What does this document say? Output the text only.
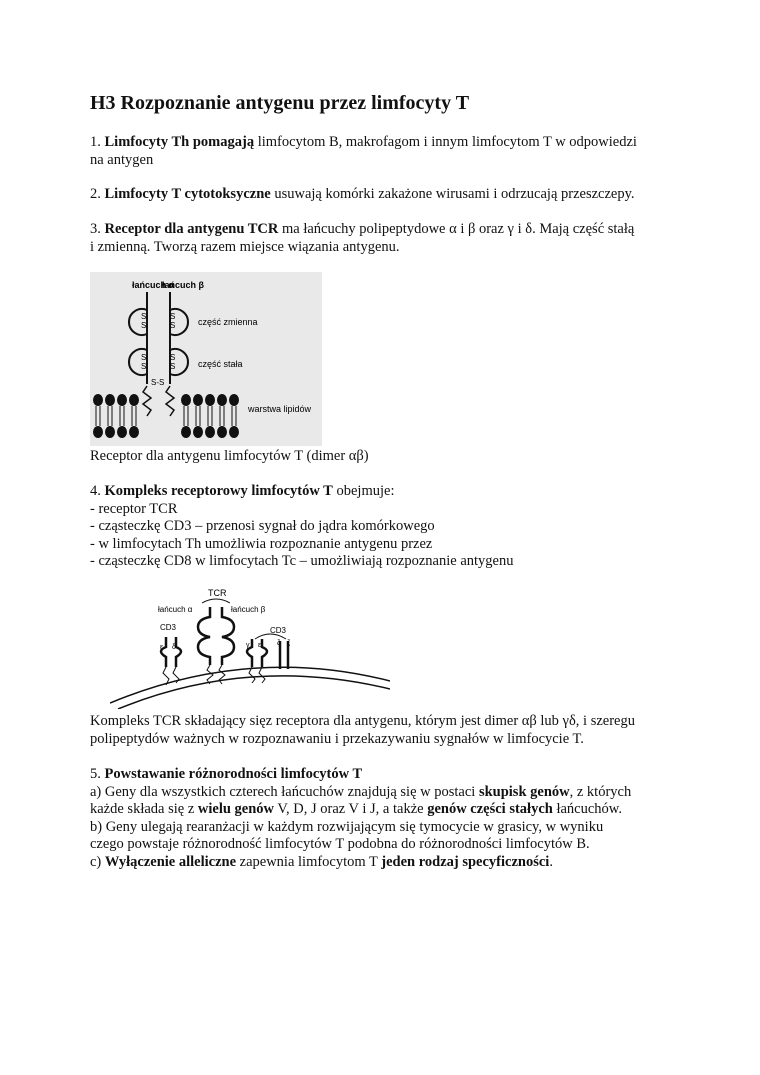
H3 Rozpoznanie antygenu przez limfocyty T

1. Limfocyty Th pomagają limfocytom B, makrofagom i innym limfocytom T w odpowiedzi
na antygen

2. Limfocyty T cytotoksyczne usuwają komórki zakażone wirusami i odrzucają przeszczepy.

3. Receptor dla antygenu TCR ma łańcuchy polipeptydowe α i β oraz γ i δ. Mają część stałą
i zmienną. Tworzą razem miejsce wiązania antygenu.

łańcuch α
łańcuch β
S
S
S
S	część zmienna
S
S
S
S	część stała
S-S
warstwa lipidów

Receptor dla antygenu limfocytów T (dimer αβ)

4. Kompleks receptorowy limfocytów T obejmuje:
- receptor TCR
- cząsteczkę CD3 – przenosi sygnał do jądra komórkowego
- w limfocytach Th umożliwia rozpoznanie antygenu przez
- cząsteczkę CD8 w limfocytach Tc – umożliwiają rozpoznanie antygenu

TCR
łańcuch α	łańcuch β
CD3	CD3
ε δ	γ ε ζ ζ

Kompleks TCR składający sięz receptora dla antygenu, którym jest dimer αβ lub γδ, i szeregu
polipeptydów ważnych w rozpoznawaniu i przekazywaniu sygnałów w limfocycie T.

5. Powstawanie różnorodności limfocytów T
a) Geny dla wszystkich czterech łańcuchów znajdują się w postaci skupisk genów, z których
każde składa się z wielu genów V, D, J oraz V i J, a także genów części stałych łańcuchów.
b) Geny ulegają rearanżacji w każdym rozwijającym się tymocycie w grasicy, w wyniku
czego powstaje różnorodność limfocytów T podobna do różnorodności limfocytów B.
c) Wyłączenie alleliczne zapewnia limfocytom T jeden rodzaj specyficzności.
